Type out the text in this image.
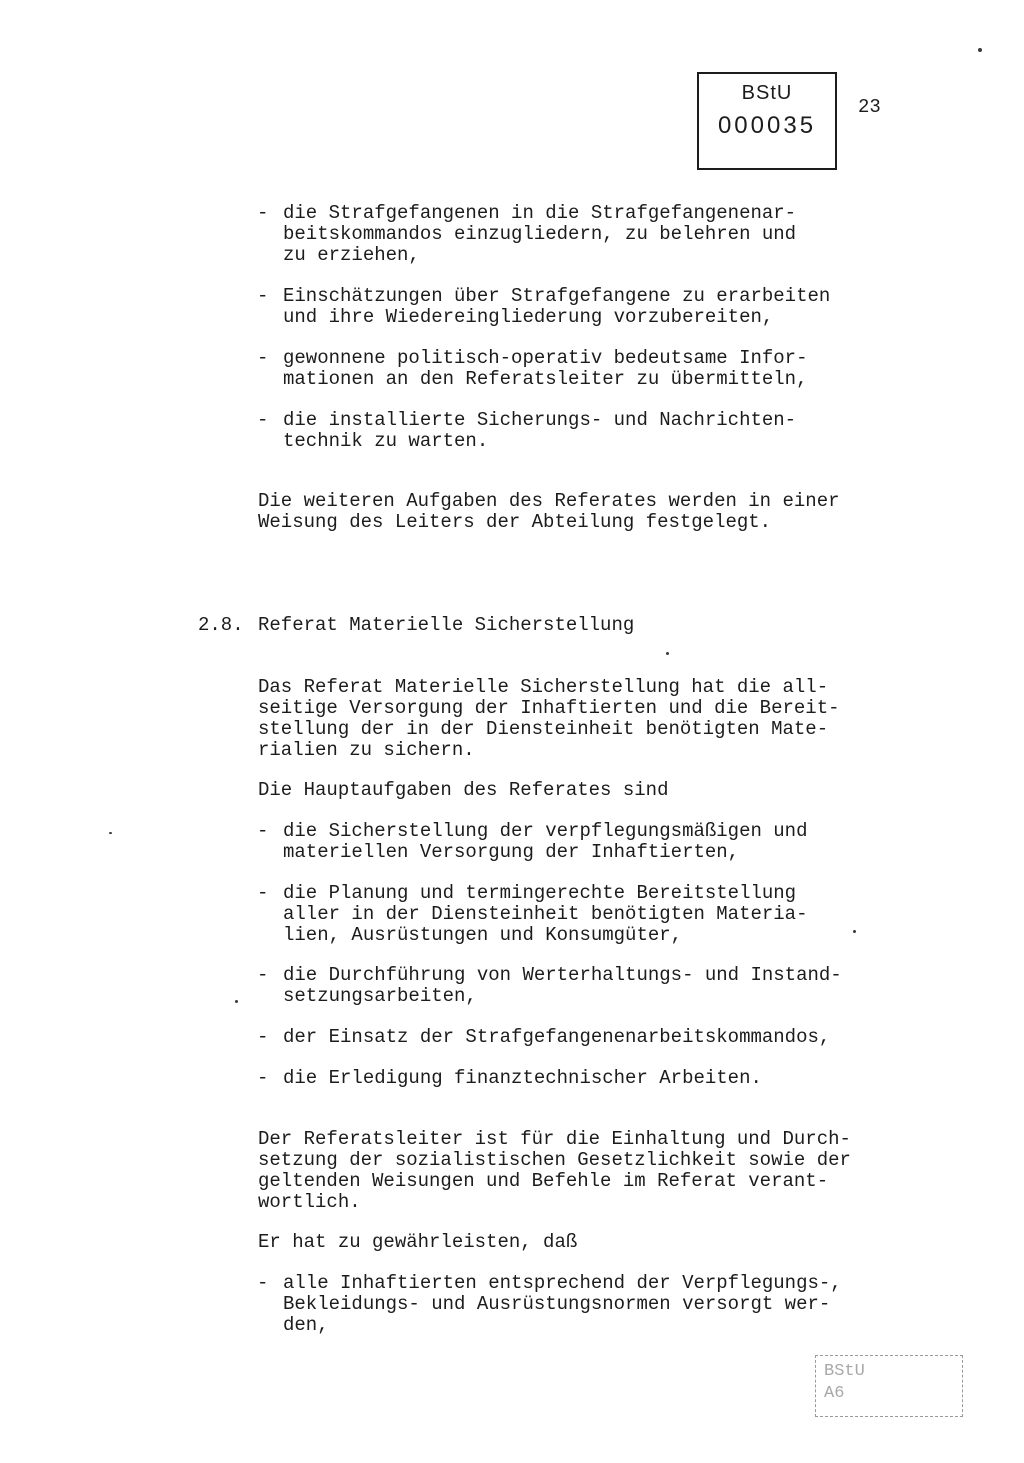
BStU
000035
23
- die Strafgefangenen in die Strafgefangenenar-
beitskommandos einzugliedern, zu belehren und
zu erziehen,
- Einschätzungen über Strafgefangene zu erarbeiten
und ihre Wiedereingliederung vorzubereiten,
- gewonnene politisch-operativ bedeutsame Infor-
mationen an den Referatsleiter zu übermitteln,
- die installierte Sicherungs- und Nachrichten-
technik zu warten.
Die weiteren Aufgaben des Referates werden in einer
Weisung des Leiters der Abteilung festgelegt.
2.8. Referat Materielle Sicherstellung
Das Referat Materielle Sicherstellung hat die all-
seitige Versorgung der Inhaftierten und die Bereit-
stellung der in der Diensteinheit benötigten Mate-
rialien zu sichern.
Die Hauptaufgaben des Referates sind
- die Sicherstellung der verpflegungsmäßigen und
materiellen Versorgung der Inhaftierten,
- die Planung und termingerechte Bereitstellung
aller in der Diensteinheit benötigten Materia-
lien, Ausrüstungen und Konsumgüter,
- die Durchführung von Werterhaltungs- und Instand-
setzungsarbeiten,
- der Einsatz der Strafgefangenenarbeitskommandos,
- die Erledigung finanztechnischer Arbeiten.
Der Referatsleiter ist für die Einhaltung und Durch-
setzung der sozialistischen Gesetzlichkeit sowie der
geltenden Weisungen und Befehle im Referat verant-
wortlich.
Er hat zu gewährleisten, daß
- alle Inhaftierten entsprechend der Verpflegungs-,
Bekleidungs- und Ausrüstungsnormen versorgt wer-
den,
BStU
A6
